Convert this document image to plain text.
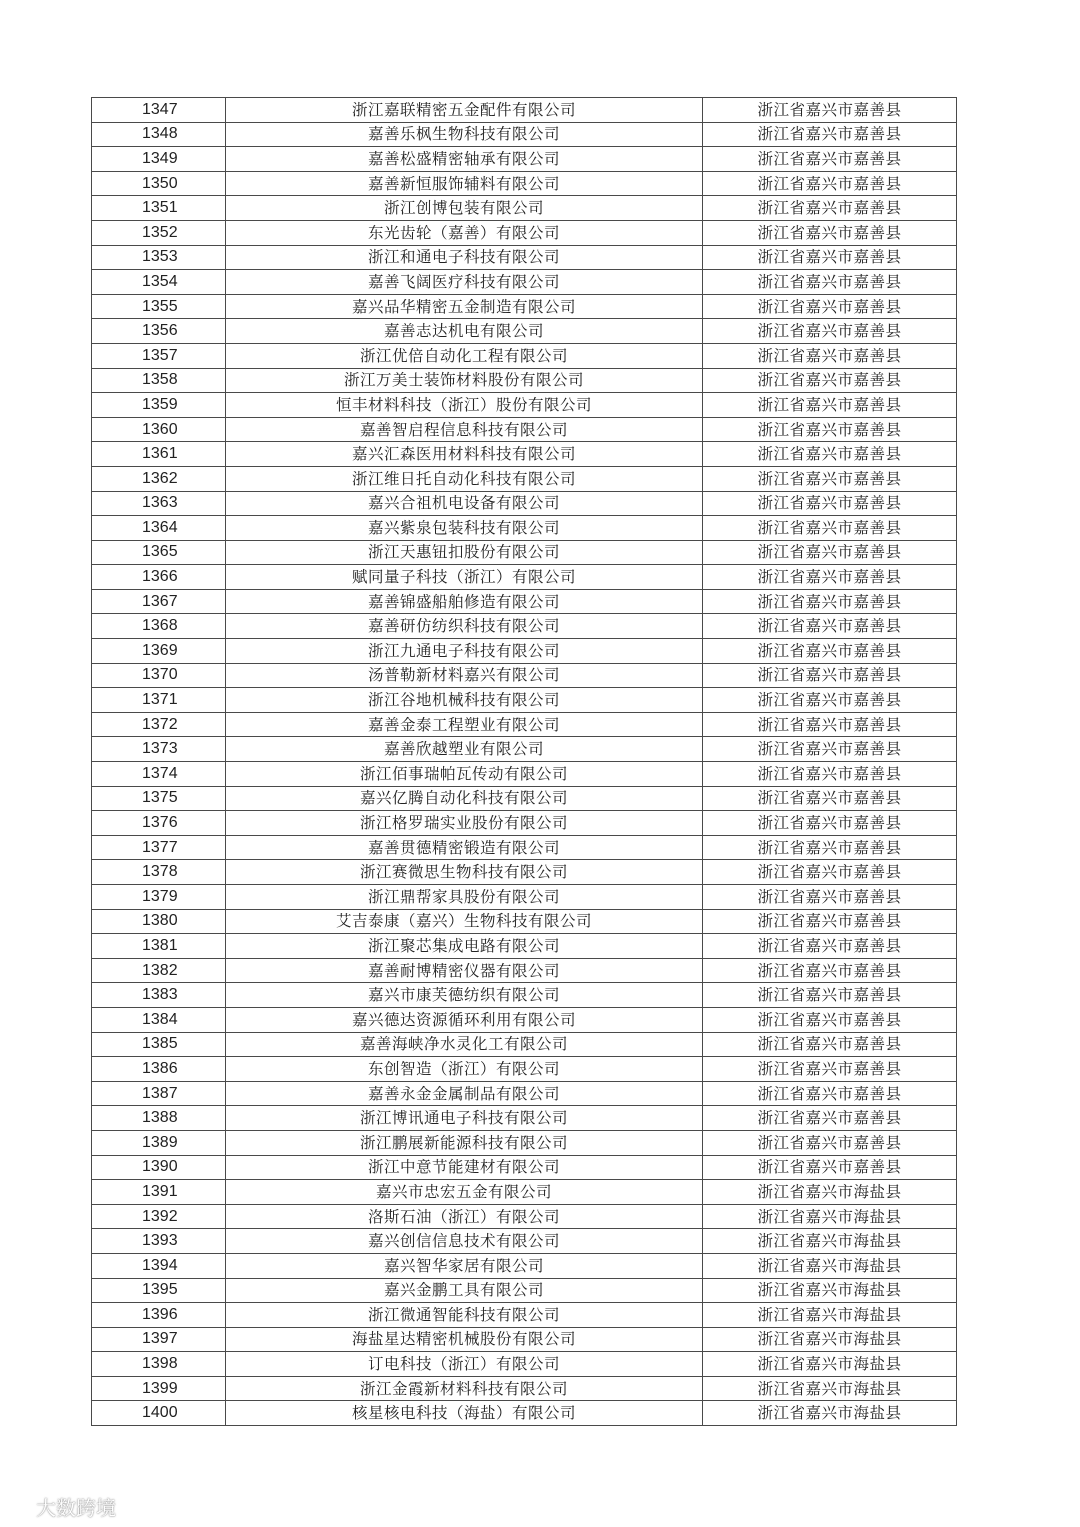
1347	浙江嘉联精密五金配件有限公司	浙江省嘉兴市嘉善县
1348	嘉善乐枫生物科技有限公司	浙江省嘉兴市嘉善县
1349	嘉善松盛精密轴承有限公司	浙江省嘉兴市嘉善县
1350	嘉善新恒服饰辅料有限公司	浙江省嘉兴市嘉善县
1351	浙江创博包装有限公司	浙江省嘉兴市嘉善县
1352	东光齿轮（嘉善）有限公司	浙江省嘉兴市嘉善县
1353	浙江和通电子科技有限公司	浙江省嘉兴市嘉善县
1354	嘉善飞阔医疗科技有限公司	浙江省嘉兴市嘉善县
1355	嘉兴品华精密五金制造有限公司	浙江省嘉兴市嘉善县
1356	嘉善志达机电有限公司	浙江省嘉兴市嘉善县
1357	浙江优倍自动化工程有限公司	浙江省嘉兴市嘉善县
1358	浙江万美士装饰材料股份有限公司	浙江省嘉兴市嘉善县
1359	恒丰材料科技（浙江）股份有限公司	浙江省嘉兴市嘉善县
1360	嘉善智启程信息科技有限公司	浙江省嘉兴市嘉善县
1361	嘉兴汇森医用材料科技有限公司	浙江省嘉兴市嘉善县
1362	浙江维日托自动化科技有限公司	浙江省嘉兴市嘉善县
1363	嘉兴合祖机电设备有限公司	浙江省嘉兴市嘉善县
1364	嘉兴紫泉包装科技有限公司	浙江省嘉兴市嘉善县
1365	浙江天惠钮扣股份有限公司	浙江省嘉兴市嘉善县
1366	赋同量子科技（浙江）有限公司	浙江省嘉兴市嘉善县
1367	嘉善锦盛船舶修造有限公司	浙江省嘉兴市嘉善县
1368	嘉善研仿纺织科技有限公司	浙江省嘉兴市嘉善县
1369	浙江九通电子科技有限公司	浙江省嘉兴市嘉善县
1370	汤普勒新材料嘉兴有限公司	浙江省嘉兴市嘉善县
1371	浙江谷地机械科技有限公司	浙江省嘉兴市嘉善县
1372	嘉善金泰工程塑业有限公司	浙江省嘉兴市嘉善县
1373	嘉善欣越塑业有限公司	浙江省嘉兴市嘉善县
1374	浙江佰事瑞帕瓦传动有限公司	浙江省嘉兴市嘉善县
1375	嘉兴亿腾自动化科技有限公司	浙江省嘉兴市嘉善县
1376	浙江格罗瑞实业股份有限公司	浙江省嘉兴市嘉善县
1377	嘉善贯德精密锻造有限公司	浙江省嘉兴市嘉善县
1378	浙江赛微思生物科技有限公司	浙江省嘉兴市嘉善县
1379	浙江鼎帮家具股份有限公司	浙江省嘉兴市嘉善县
1380	艾吉泰康（嘉兴）生物科技有限公司	浙江省嘉兴市嘉善县
1381	浙江聚芯集成电路有限公司	浙江省嘉兴市嘉善县
1382	嘉善耐博精密仪器有限公司	浙江省嘉兴市嘉善县
1383	嘉兴市康芙德纺织有限公司	浙江省嘉兴市嘉善县
1384	嘉兴德达资源循环利用有限公司	浙江省嘉兴市嘉善县
1385	嘉善海峡净水灵化工有限公司	浙江省嘉兴市嘉善县
1386	东创智造（浙江）有限公司	浙江省嘉兴市嘉善县
1387	嘉善永金金属制品有限公司	浙江省嘉兴市嘉善县
1388	浙江博讯通电子科技有限公司	浙江省嘉兴市嘉善县
1389	浙江鹏展新能源科技有限公司	浙江省嘉兴市嘉善县
1390	浙江中意节能建材有限公司	浙江省嘉兴市嘉善县
1391	嘉兴市忠宏五金有限公司	浙江省嘉兴市海盐县
1392	洛斯石油（浙江）有限公司	浙江省嘉兴市海盐县
1393	嘉兴创信信息技术有限公司	浙江省嘉兴市海盐县
1394	嘉兴智华家居有限公司	浙江省嘉兴市海盐县
1395	嘉兴金鹏工具有限公司	浙江省嘉兴市海盐县
1396	浙江微通智能科技有限公司	浙江省嘉兴市海盐县
1397	海盐星达精密机械股份有限公司	浙江省嘉兴市海盐县
1398	订电科技（浙江）有限公司	浙江省嘉兴市海盐县
1399	浙江金霞新材料科技有限公司	浙江省嘉兴市海盐县
1400	核星核电科技（海盐）有限公司	浙江省嘉兴市海盐县
大数跨境
